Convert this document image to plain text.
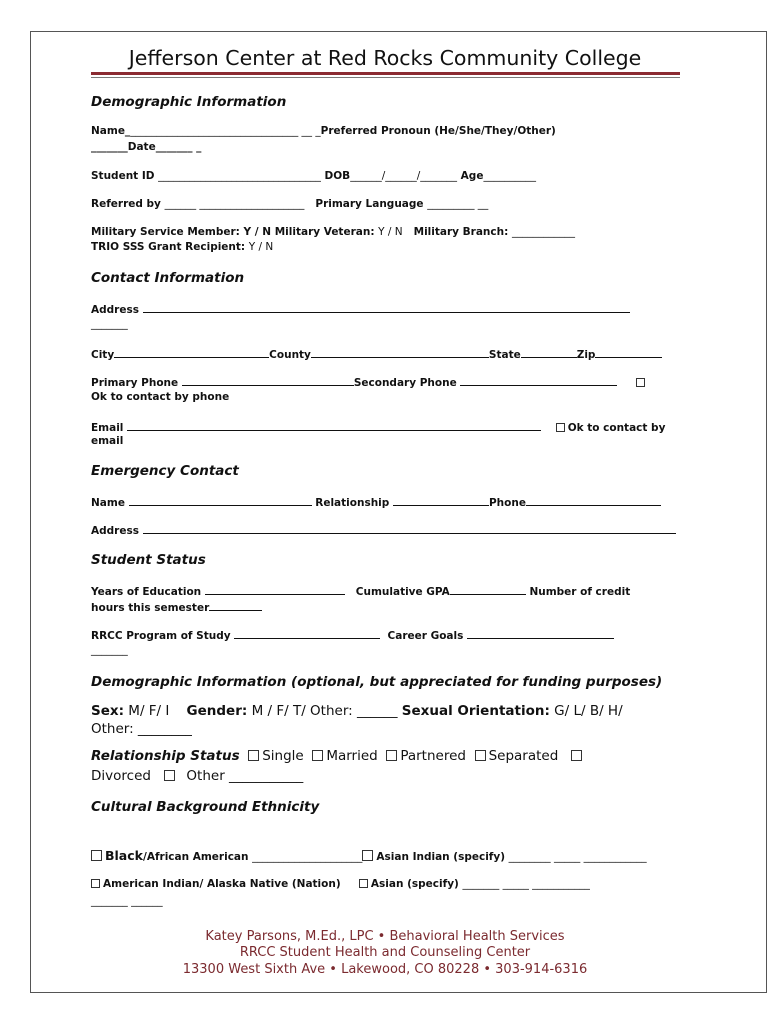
Jefferson Center at Red Rocks Community College
Demographic Information
Name_________________________________ __ _Preferred Pronoun (He/She/They/Other)
_______Date_______ _
Student ID _______________________________ DOB______/______/_______ Age__________
Referred by ______ ____________________ Primary Language _________ __
Military Service Member: Y / N Military Veteran: Y / N Military Branch: ____________
TRIO SSS Grant Recipient: Y / N
Contact Information
Address
_______
City	County	State	Zip
Primary Phone	Secondary Phone
Ok to contact by phone
Email	Ok to contact by
email
Emergency Contact
Name	Relationship	Phone
Address
Student Status
Years of Education	Cumulative GPA	Number of credit
hours this semester
RRCC Program of Study	Career Goals
_______
Demographic Information (optional, but appreciated for funding purposes)
Sex: M/ F/ I Gender: M / F/ T/ Other: ______ Sexual Orientation: G/ L/ B/ H/
Other: ________
Relationship Status Single Married Partnered Separated
Divorced	Other ___________
Cultural Background Ethnicity
Black/African American _____________________ Asian Indian (specify) ________ _____ ____________
American Indian/ Alaska Native (Nation)	Asian (specify) _______ _____ ___________
_______ ______
Katey Parsons, M.Ed., LPC • Behavioral Health Services
RRCC Student Health and Counseling Center
13300 West Sixth Ave • Lakewood, CO 80228 • 303-914-6316
